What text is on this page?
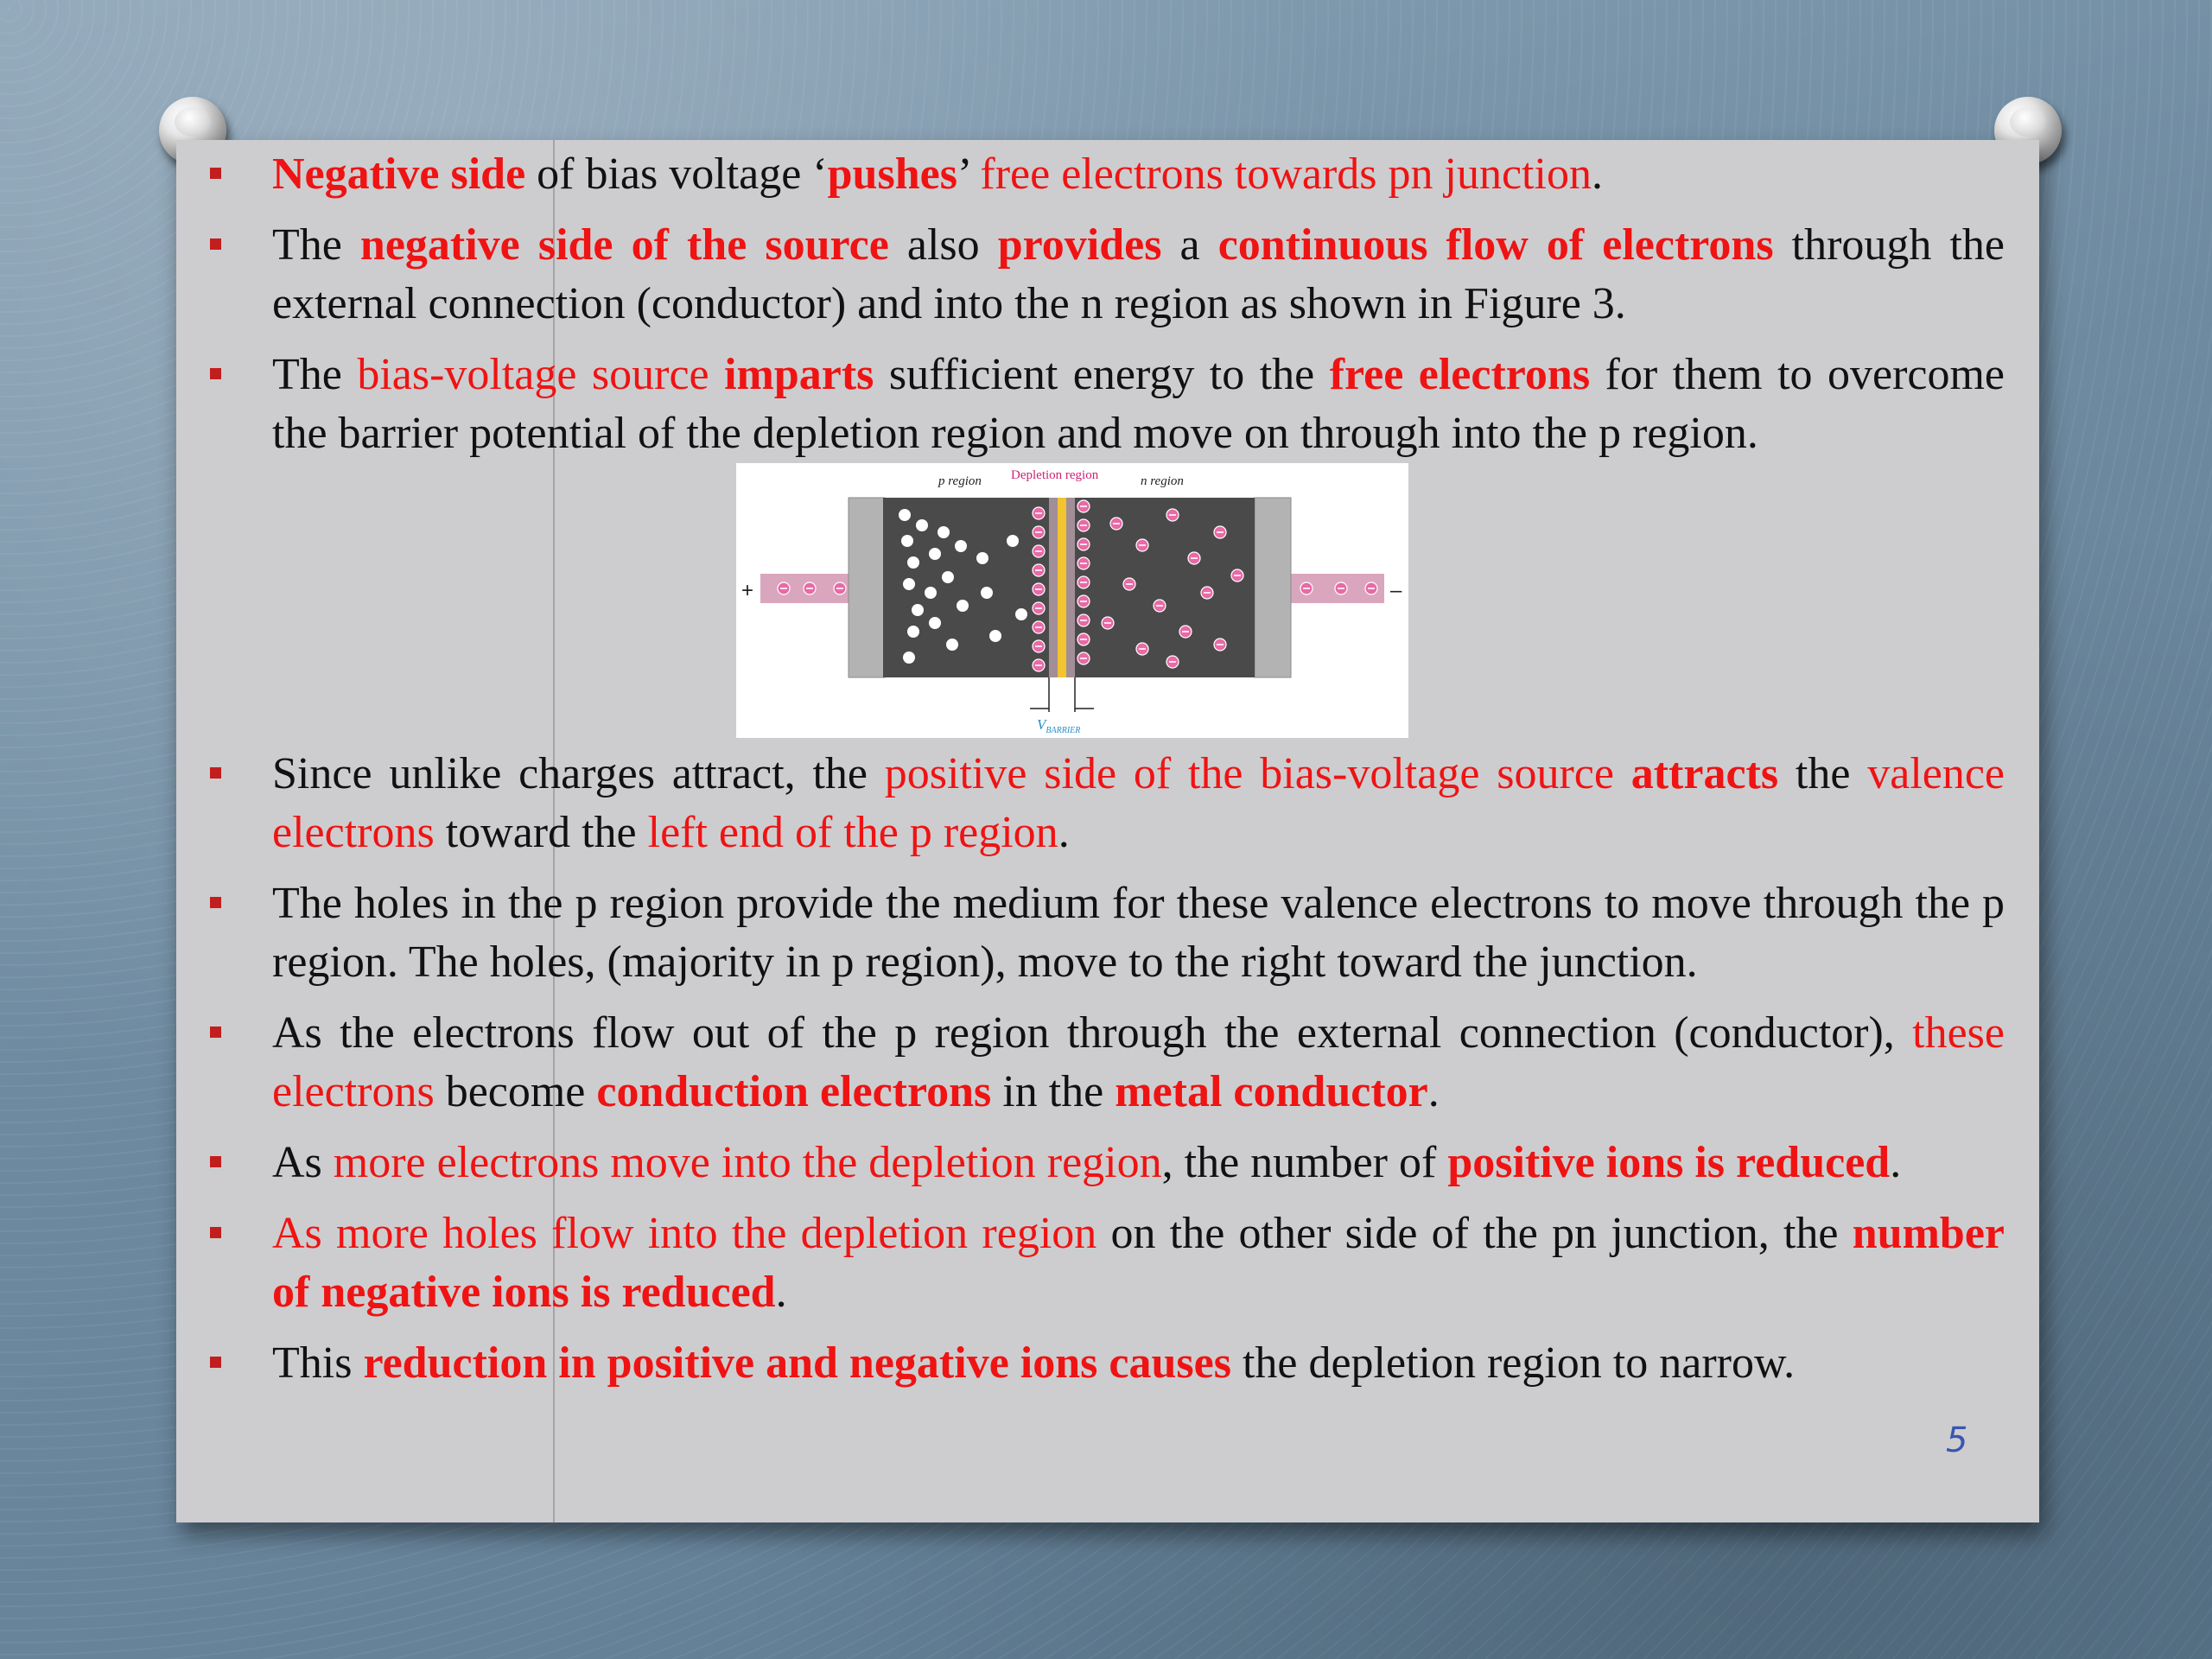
Negative side of bias voltage ‘pushes’ free electrons towards pn junction.
The negative side of the source also provides a continuous flow of electrons through the external connection (conductor) and into the n region as shown in Figure 3.
The bias-voltage source imparts sufficient energy to the free electrons for them to overcome the barrier potential of the depletion region and move on through into the p region.
p region Depletion region	n region
+	–
$V_{BARRIER}$
Since unlike charges attract, the positive side of the bias-voltage source attracts the valence electrons toward the left end of the p region.
The holes in the p region provide the medium for these valence electrons to move through the p region. The holes, (majority in p region), move to the right toward the junction.
As the electrons flow out of the p region through the external connection (conductor), these electrons become conduction electrons in the metal conductor.
As more electrons move into the depletion region, the number of positive ions is reduced.
As more holes flow into the depletion region on the other side of the pn junction, the number of negative ions is reduced.
This reduction in positive and negative ions causes the depletion region to narrow.
5
